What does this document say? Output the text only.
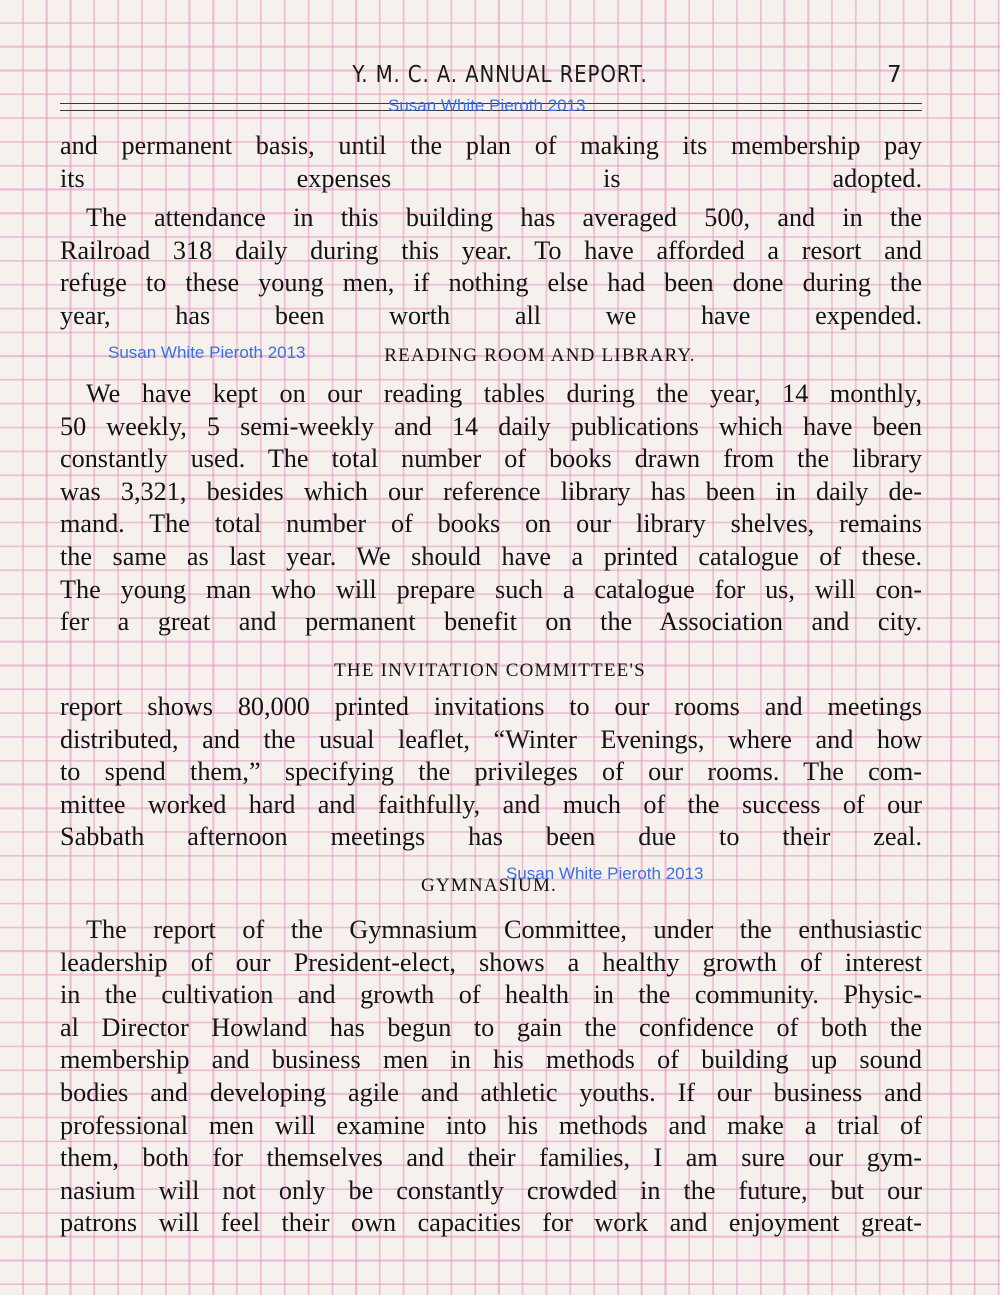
Y. M. C. A. ANNUAL REPORT.	7
Susan White Pieroth 2013
and permanent basis, until the plan of making its membership pay
its expenses is adopted.
The attendance in this building has averaged 500, and in the
Railroad 318 daily during this year. To have afforded a resort and
refuge to these young men, if nothing else had been done during the
year, has been worth all we have expended.
READING ROOM AND LIBRARY.
Susan White Pieroth 2013
We have kept on our reading tables during the year, 14 monthly,
50 weekly, 5 semi-weekly and 14 daily publications which have been
constantly used. The total number of books drawn from the library
was 3,321, besides which our reference library has been in daily de-
mand. The total number of books on our library shelves, remains
the same as last year. We should have a printed catalogue of these.
The young man who will prepare such a catalogue for us, will con-
fer a great and permanent benefit on the Association and city.
THE INVITATION COMMITTEE'S
report shows 80,000 printed invitations to our rooms and meetings
distributed, and the usual leaflet, “Winter Evenings, where and how
to spend them,” specifying the privileges of our rooms. The com-
mittee worked hard and faithfully, and much of the success of our
Sabbath afternoon meetings has been due to their zeal.
GYMNASIUM.
Susan White Pieroth 2013
The report of the Gymnasium Committee, under the enthusiastic
leadership of our President-elect, shows a healthy growth of interest
in the cultivation and growth of health in the community. Physic-
al Director Howland has begun to gain the confidence of both the
membership and business men in his methods of building up sound
bodies and developing agile and athletic youths. If our business and
professional men will examine into his methods and make a trial of
them, both for themselves and their families, I am sure our gym-
nasium will not only be constantly crowded in the future, but our
patrons will feel their own capacities for work and enjoyment great-
